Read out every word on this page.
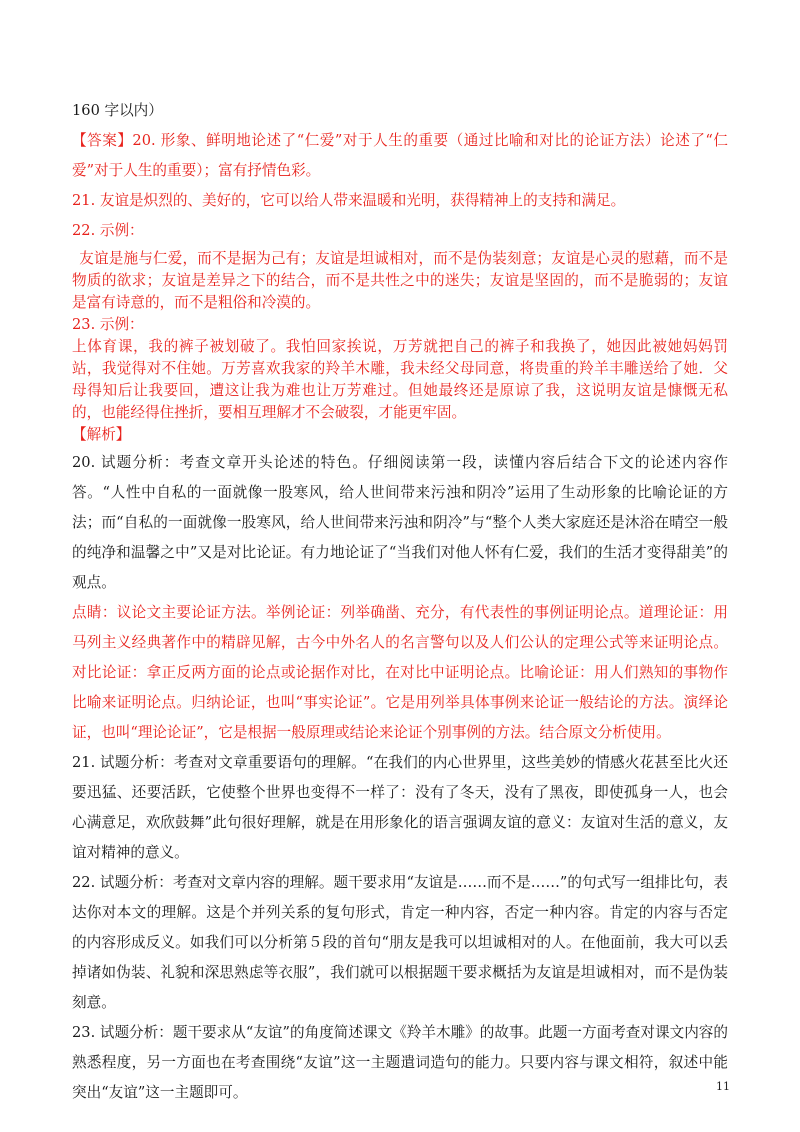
160 字以内）

【答案】20. 形象、鲜明地论述了“仁爱”对于人生的重要（通过比喻和对比的论证方法）论述了“仁爱”对于人生的重要）；富有抒情色彩。

21. 友谊是炽烈的、美好的，它可以给人带来温暖和光明，获得精神上的支持和满足。

22. 示例：

友谊是施与仁爱，而不是据为己有；友谊是坦诚相对，而不是伪装刻意；友谊是心灵的慰藉，而不是物质的欲求；友谊是差异之下的结合，而不是共性之中的迷失；友谊是坚固的，而不是脆弱的；友谊是富有诗意的，而不是粗俗和冷漠的。

23. 示例：

上体育课，我的裤子被划破了。我怕回家挨说，万芳就把自己的裤子和我换了，她因此被她妈妈罚站，我觉得对不住她。万芳喜欢我家的羚羊木雕，我未经父母同意，将贵重的羚羊丰雕送给了她．父母得知后让我要回，遭这让我为难也让万芳难过。但她最终还是原谅了我，这说明友谊是慷慨无私的，也能经得住挫折，要相互理解才不会破裂，才能更牢固。

【解析】

20. 试题分析：考查文章开头论述的特色。仔细阅读第一段，读懂内容后结合下文的论述内容作答。“人性中自私的一面就像一股寒风，给人世间带来污浊和阴冷”运用了生动形象的比喻论证的方法；而“自私的一面就像一股寒风，给人世间带来污浊和阴冷”与“整个人类大家庭还是沐浴在晴空一般的纯净和温馨之中”又是对比论证。有力地论证了“当我们对他人怀有仁爱，我们的生活才变得甜美”的观点。

点睛：议论文主要论证方法。举例论证：列举确凿、充分，有代表性的事例证明论点。道理论证：用马列主义经典著作中的精辟见解，古今中外名人的名言警句以及人们公认的定理公式等来证明论点。对比论证：拿正反两方面的论点或论据作对比，在对比中证明论点。比喻论证：用人们熟知的事物作比喻来证明论点。归纳论证，也叫“事实论证”。它是用列举具体事例来论证一般结论的方法。演绎论证，也叫“理论论证”，它是根据一般原理或结论来论证个别事例的方法。结合原文分析使用。

21. 试题分析：考查对文章重要语句的理解。“在我们的内心世界里，这些美妙的情感火花甚至比火还要迅猛、还要活跃，它使整个世界也变得不一样了：没有了冬天，没有了黑夜，即使孤身一人，也会心满意足，欢欣鼓舞”此句很好理解，就是在用形象化的语言强调友谊的意义：友谊对生活的意义，友谊对精神的意义。

22. 试题分析：考查对文章内容的理解。题干要求用“友谊是……而不是……”的句式写一组排比句，表达你对本文的理解。这是个并列关系的复句形式，肯定一种内容，否定一种内容。肯定的内容与否定的内容形成反义。如我们可以分析第５段的首句“朋友是我可以坦诚相对的人。在他面前，我大可以丢掉诸如伪装、礼貌和深思熟虑等衣服”，我们就可以根据题干要求概括为友谊是坦诚相对，而不是伪装刻意。

23. 试题分析：题干要求从“友谊”的角度简述课文《羚羊木雕》的故事。此题一方面考查对课文内容的熟悉程度，另一方面也在考查围绕“友谊”这一主题遣词造句的能力。只要内容与课文相符，叙述中能突出“友谊”这一主题即可。	11
